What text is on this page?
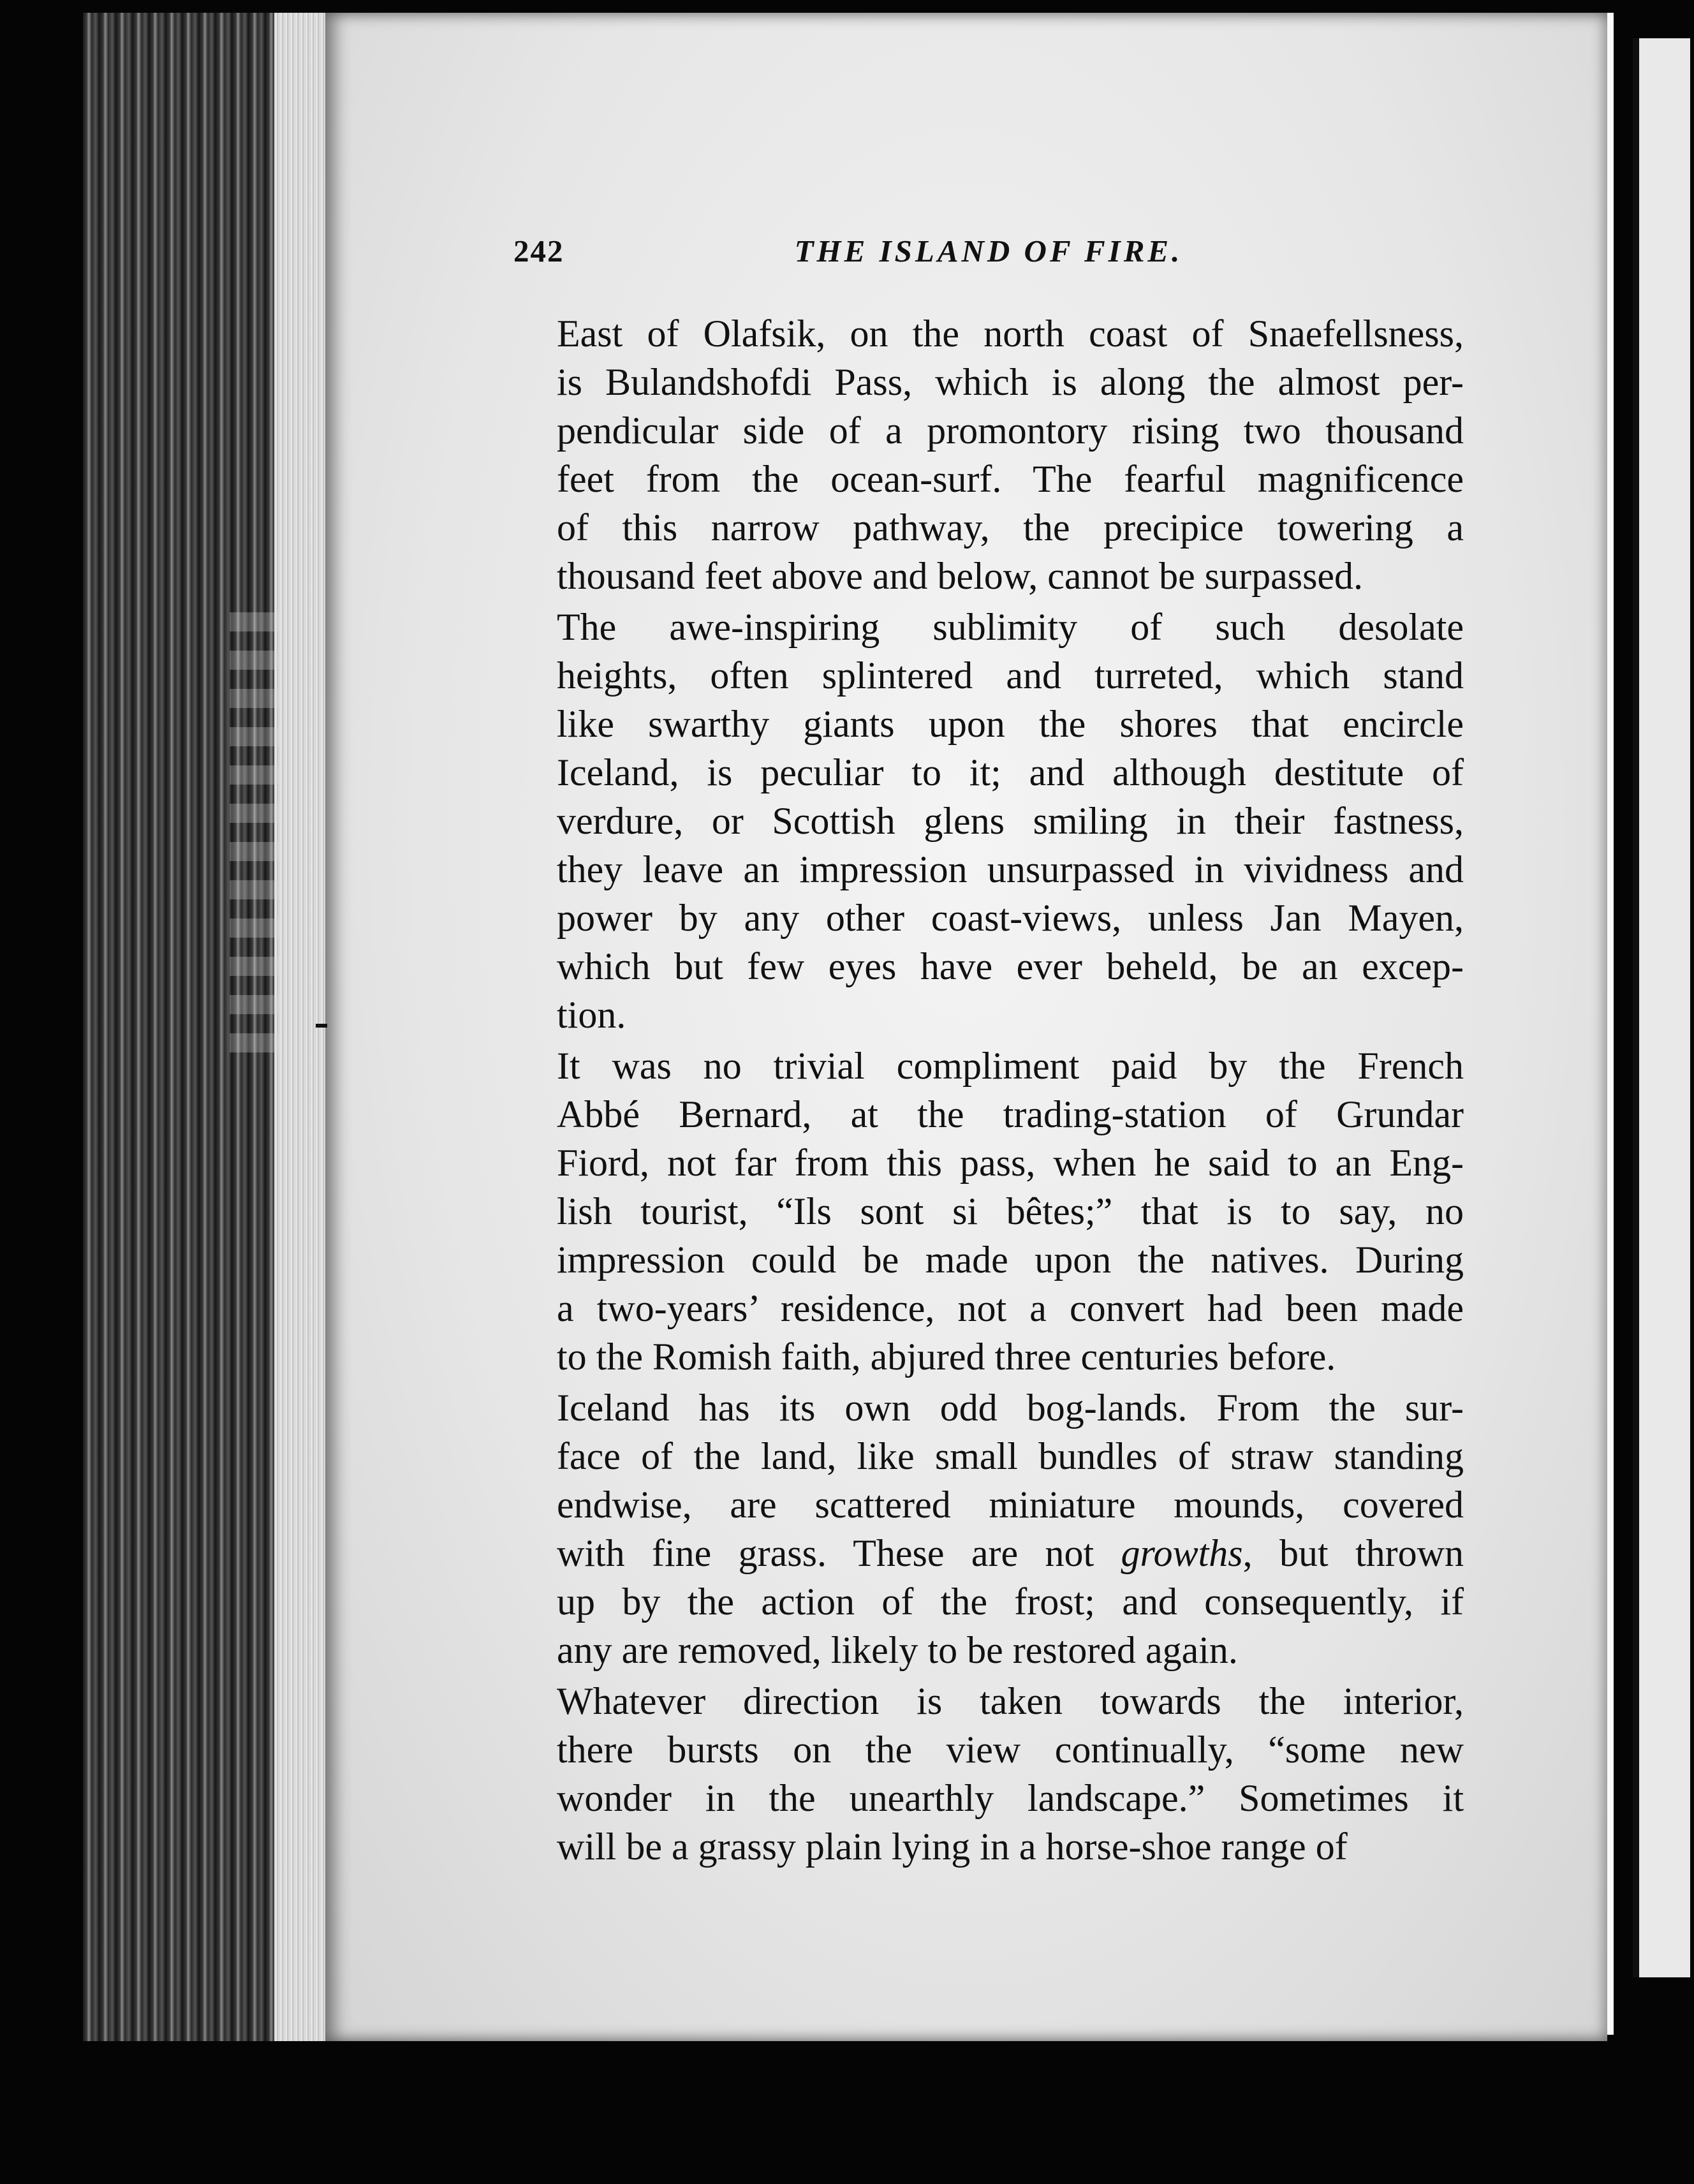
242	THE ISLAND OF FIRE.

East of Olafsik, on the north coast of Snaefellsness,
is Bulandshofdi Pass, which is along the almost per-
pendicular side of a promontory rising two thousand
feet from the ocean-surf. The fearful magnificence
of this narrow pathway, the precipice towering a
thousand feet above and below, cannot be surpassed.

The awe-inspiring sublimity of such desolate
heights, often splintered and turreted, which stand
like swarthy giants upon the shores that encircle
Iceland, is peculiar to it; and although destitute of
verdure, or Scottish glens smiling in their fastness,
they leave an impression unsurpassed in vividness and
power by any other coast-views, unless Jan Mayen,
which but few eyes have ever beheld, be an excep-
tion.

It was no trivial compliment paid by the French
Abbé Bernard, at the trading-station of Grundar
Fiord, not far from this pass, when he said to an Eng-
lish tourist, “Ils sont si bêtes;” that is to say, no
impression could be made upon the natives. During
a two-years’ residence, not a convert had been made
to the Romish faith, abjured three centuries before.

Iceland has its own odd bog-lands. From the sur-
face of the land, like small bundles of straw standing
endwise, are scattered miniature mounds, covered
with fine grass. These are not growths, but thrown
up by the action of the frost; and consequently, if
any are removed, likely to be restored again.

Whatever direction is taken towards the interior,
there bursts on the view continually, “some new
wonder in the unearthly landscape.” Sometimes it
will be a grassy plain lying in a horse-shoe range of
